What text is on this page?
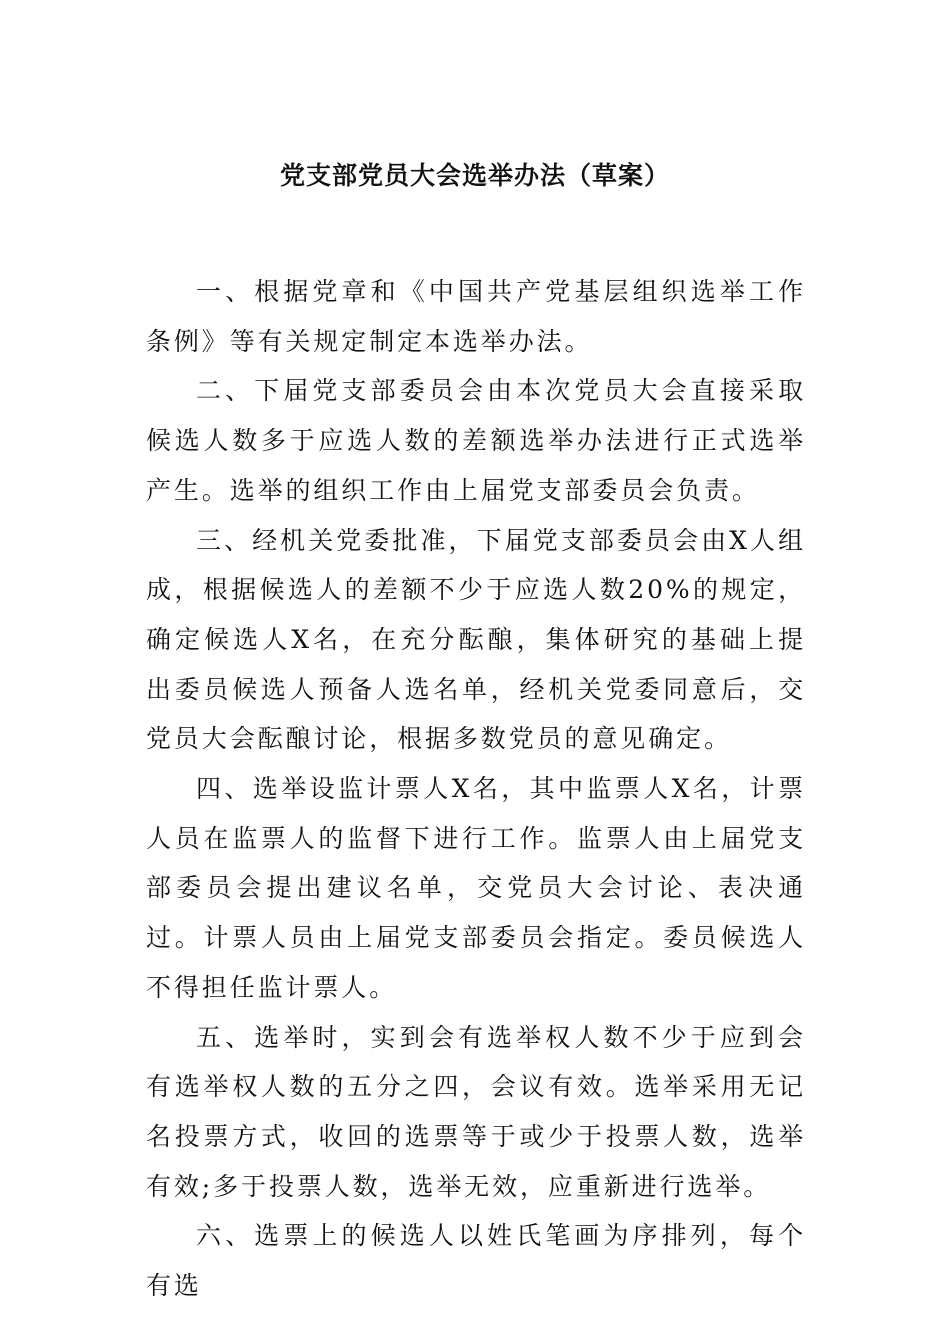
党支部党员大会选举办法（草案）

一、根据党章和《中国共产党基层组织选举工作条例》等有关规定制定本选举办法。

二、下届党支部委员会由本次党员大会直接采取候选人数多于应选人数的差额选举办法进行正式选举产生。选举的组织工作由上届党支部委员会负责。

三、经机关党委批准，下届党支部委员会由X人组成，根据候选人的差额不少于应选人数20%的规定，确定候选人X名，在充分酝酿，集体研究的基础上提出委员候选人预备人选名单，经机关党委同意后，交党员大会酝酿讨论，根据多数党员的意见确定。

四、选举设监计票人X名，其中监票人X名，计票人员在监票人的监督下进行工作。监票人由上届党支部委员会提出建议名单，交党员大会讨论、表决通过。计票人员由上届党支部委员会指定。委员候选人不得担任监计票人。

五、选举时，实到会有选举权人数不少于应到会有选举权人数的五分之四，会议有效。选举采用无记名投票方式，收回的选票等于或少于投票人数，选举有效;多于投票人数，选举无效，应重新进行选举。

六、选票上的候选人以姓氏笔画为序排列，每个有选
